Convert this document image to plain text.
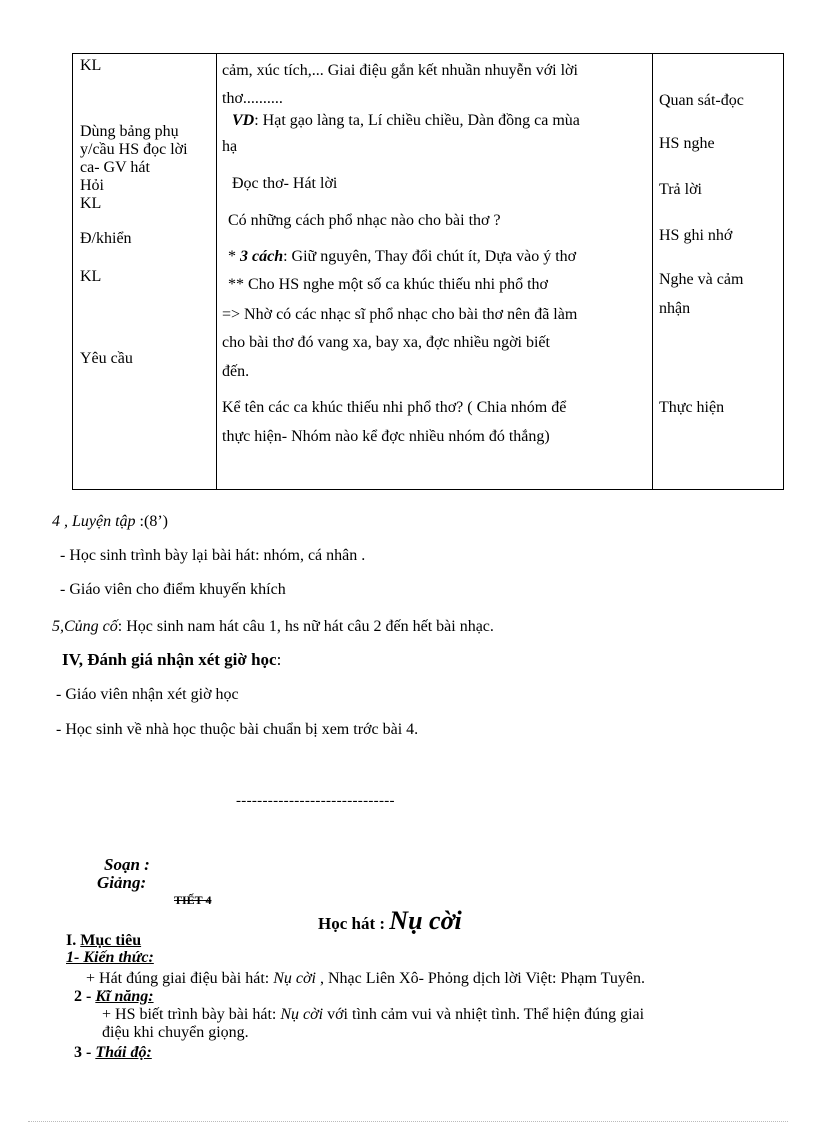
KL
Dùng bảng phụ
y/cầu HS đọc lời
ca- GV hát
Hỏi
KL
Đ/khiển
KL
Yêu cầu
cảm, xúc tích,... Giai điệu gắn kết nhuần nhuyễn với lời
thơ..........
VD: Hạt gạo làng ta, Lí chiều chiều, Dàn đồng ca mùa
hạ
Đọc thơ- Hát lời
Có những cách phổ nhạc nào cho bài thơ ?
* 3 cách: Giữ nguyên, Thay đổi chút ít, Dựa vào ý thơ
** Cho HS nghe một số ca khúc thiếu nhi phổ thơ
=> Nhờ có các nhạc sĩ phổ nhạc cho bài thơ nên đã làm
cho bài thơ đó vang xa, bay xa, đợc nhiều ngời biết
đến.
Kể tên các ca khúc thiếu nhi phổ thơ? ( Chia nhóm để
thực hiện- Nhóm nào kể đợc nhiều nhóm đó thắng)
Quan sát-đọc
HS nghe
Trả lời
HS ghi nhớ
Nghe và cảm
nhận
Thực hiện
4 , Luyện tập :(8’)
- Học sinh trình bày lại bài hát: nhóm, cá nhân .
- Giáo viên cho điểm khuyến khích
5,Củng cố: Học sinh nam hát câu 1, hs nữ hát câu 2 đến hết bài nhạc.
IV, Đánh giá nhận xét giờ học:
- Giáo viên nhận xét giờ học
- Học sinh về nhà học thuộc bài chuẩn bị xem trớc bài 4.
------------------------------
Soạn :
Giảng:
TIẾT 4
Học hát : Nụ cời
I. Mục tiêu
1- Kiến thức:
+ Hát đúng giai điệu bài hát: Nụ cời , Nhạc Liên Xô- Phỏng dịch lời Việt: Phạm Tuyên.
2 - Kĩ năng:
+ HS biết trình bày bài hát: Nụ cời với tình cảm vui và nhiệt tình. Thể hiện đúng giai
điệu khi chuyển giọng.
3 - Thái độ:
